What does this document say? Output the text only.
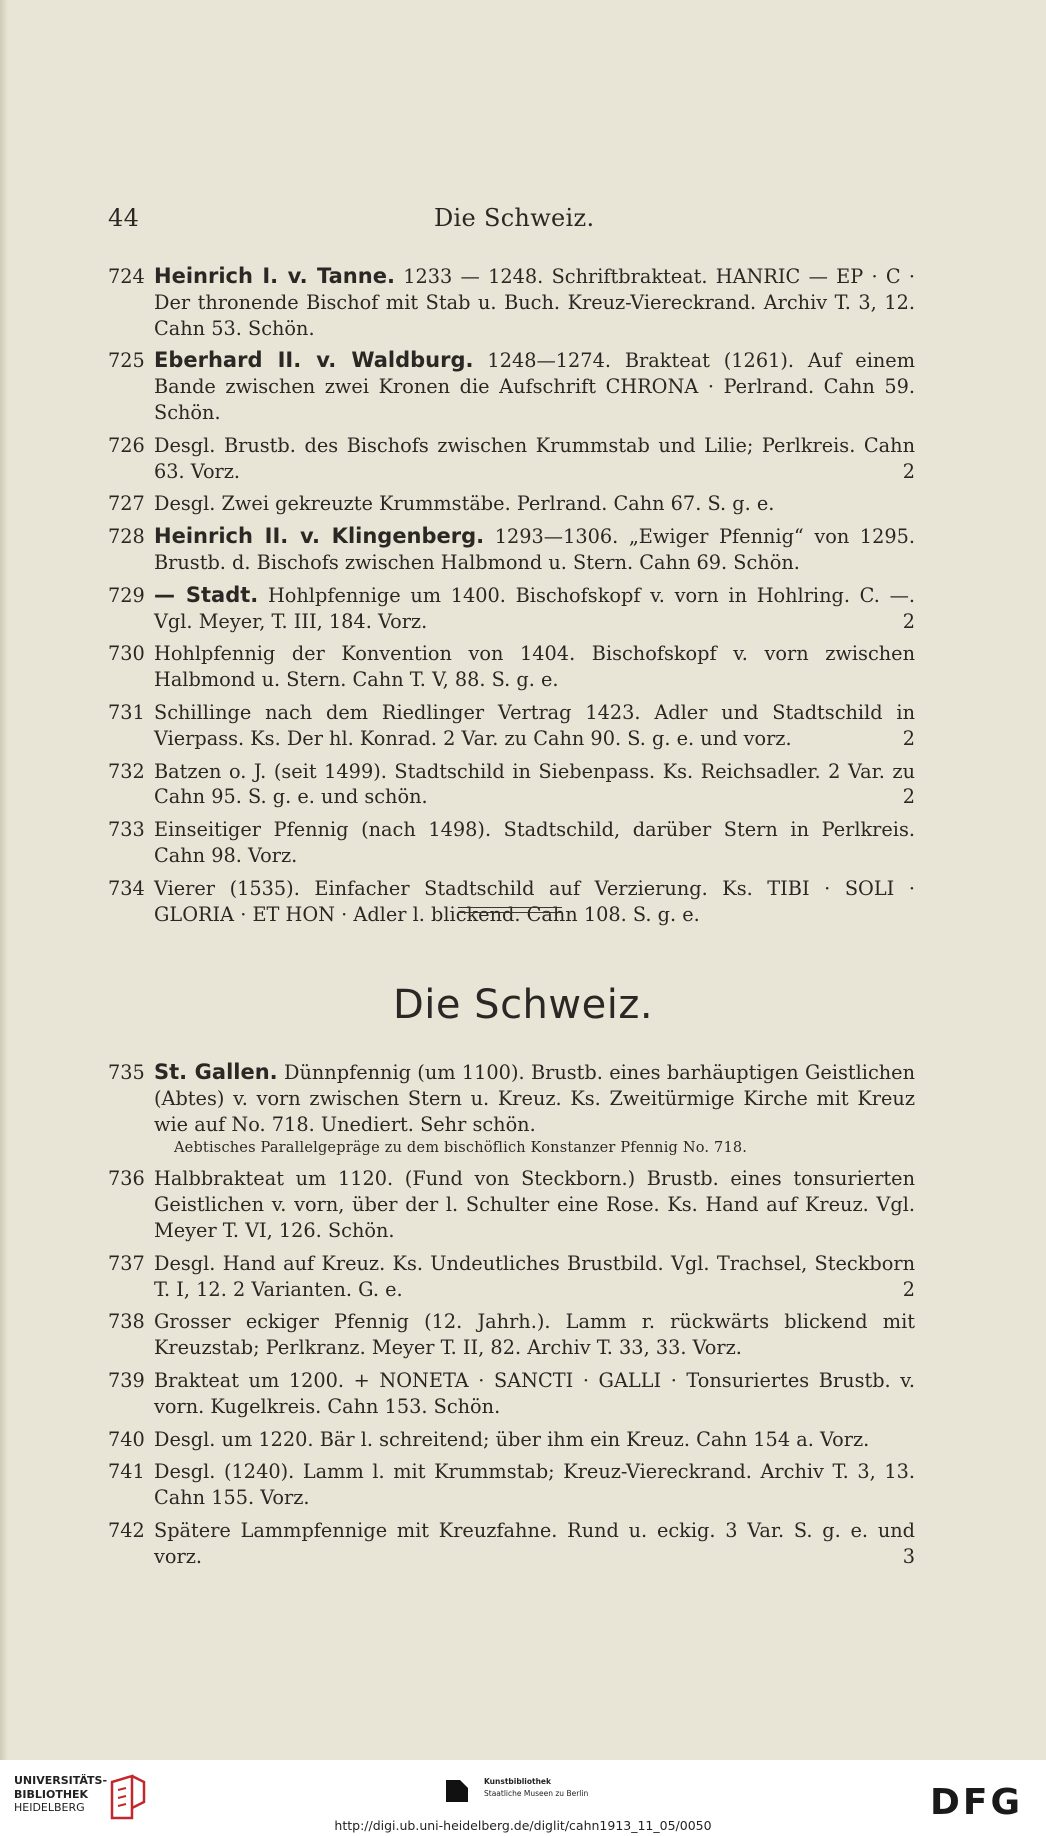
44	Die Schweiz.
724 Heinrich I. v. Tanne. 1233 — 1248. Schriftbrakteat. HANRIC — EP · C · Der thronende Bischof mit Stab u. Buch. Kreuz-Viereckrand. Archiv T. 3, 12. Cahn 53. Schön.
725 Eberhard II. v. Waldburg. 1248—1274. Brakteat (1261). Auf einem Bande zwischen zwei Kronen die Aufschrift CHRONA · Perlrand. Cahn 59. Schön.
726 Desgl. Brustb. des Bischofs zwischen Krummstab und Lilie; Perlkreis. Cahn 63. Vorz.	2
727 Desgl. Zwei gekreuzte Krummstäbe. Perlrand. Cahn 67. S. g. e.
728 Heinrich II. v. Klingenberg. 1293—1306. „Ewiger Pfennig“ von 1295. Brustb. d. Bischofs zwischen Halbmond u. Stern. Cahn 69. Schön.
729 — Stadt. Hohlpfennige um 1400. Bischofskopf v. vorn in Hohlring. C. —. Vgl. Meyer, T. III, 184. Vorz.	2
730 Hohlpfennig der Konvention von 1404. Bischofskopf v. vorn zwischen Halbmond u. Stern. Cahn T. V, 88. S. g. e.
731 Schillinge nach dem Riedlinger Vertrag 1423. Adler und Stadtschild in Vierpass. Ks. Der hl. Konrad. 2 Var. zu Cahn 90. S. g. e. und vorz.	2
732 Batzen o. J. (seit 1499). Stadtschild in Siebenpass. Ks. Reichsadler. 2 Var. zu Cahn 95. S. g. e. und schön.	2
733 Einseitiger Pfennig (nach 1498). Stadtschild, darüber Stern in Perlkreis. Cahn 98. Vorz.
734 Vierer (1535). Einfacher Stadtschild auf Verzierung. Ks. TIBI · SOLI · GLORIA · ET HON · Adler l. blickend. Cahn 108. S. g. e.
Die Schweiz.
735 St. Gallen. Dünnpfennig (um 1100). Brustb. eines barhäuptigen Geistlichen (Abtes) v. vorn zwischen Stern u. Kreuz. Ks. Zweitürmige Kirche mit Kreuz wie auf No. 718. Unediert. Sehr schön.
Aebtisches Parallelgepräge zu dem bischöflich Konstanzer Pfennig No. 718.
736 Halbbrakteat um 1120. (Fund von Steckborn.) Brustb. eines tonsurierten Geistlichen v. vorn, über der l. Schulter eine Rose. Ks. Hand auf Kreuz. Vgl. Meyer T. VI, 126. Schön.
737 Desgl. Hand auf Kreuz. Ks. Undeutliches Brustbild. Vgl. Trachsel, Steckborn T. I, 12. 2 Varianten. G. e.	2
738 Grosser eckiger Pfennig (12. Jahrh.). Lamm r. rückwärts blickend mit Kreuzstab; Perlkranz. Meyer T. II, 82. Archiv T. 33, 33. Vorz.
739 Brakteat um 1200. + NONETA · SANCTI · GALLI · Tonsuriertes Brustb. v. vorn. Kugelkreis. Cahn 153. Schön.
740 Desgl. um 1220. Bär l. schreitend; über ihm ein Kreuz. Cahn 154 a. Vorz.
741 Desgl. (1240). Lamm l. mit Krummstab; Kreuz-Viereckrand. Archiv T. 3, 13. Cahn 155. Vorz.
742 Spätere Lammpfennige mit Kreuzfahne. Rund u. eckig. 3 Var. S. g. e. und vorz.	3
UNIVERSITÄTS-
BIBLIOTHEK
HEIDELBERG
Kunstbibliothek
Staatliche Museen zu Berlin	DFG
http://digi.ub.uni-heidelberg.de/diglit/cahn1913_11_05/0050
